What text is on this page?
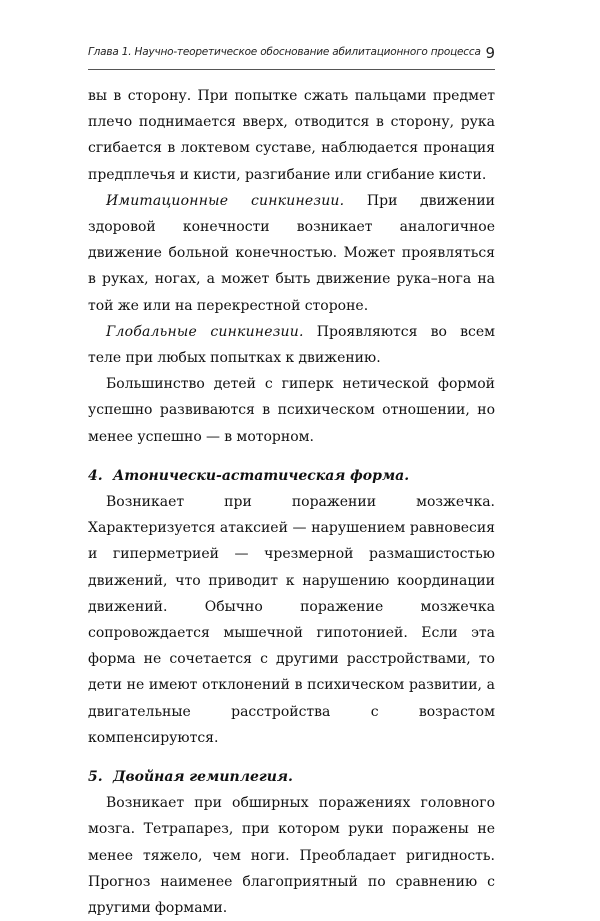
Глава 1. Научно-теоретическое обоснование абилитационного процесса 9

вы в сторону. При попытке сжать пальцами предмет плечо поднимается вверх, отводится в сторону, рука сгибается в локтевом суставе, наблюдается пронация предплечья и кисти, разгибание или сгибание кисти.

Имитационные синкинезии. При движении здоровой конечности возникает аналогичное движение больной конечностью. Может проявляться в руках, ногах, а может быть движение рука–нога на той же или на перекрестной стороне.

Глобальные синкинезии. Проявляются во всем теле при любых попытках к движению.

Большинство детей с гиперк нетической формой успешно развиваются в психическом отношении, но менее успешно — в моторном.

4. Атонически-астатическая форма.

Возникает при поражении мозжечка. Характеризуется атаксией — нарушением равновесия и гиперметрией — чрезмерной размашистостью движений, что приводит к нарушению координации движений. Обычно поражение мозжечка сопровождается мышечной гипотонией. Если эта форма не сочетается с другими расстройствами, то дети не имеют отклонений в психическом развитии, а двигательные расстройства с возрастом компенсируются.

5. Двойная гемиплегия.

Возникает при обширных поражениях головного мозга. Тетрапарез, при котором руки поражены не менее тяжело, чем ноги. Преобладает ригидность. Прогноз наименее благоприятный по сравнению с другими формами.
